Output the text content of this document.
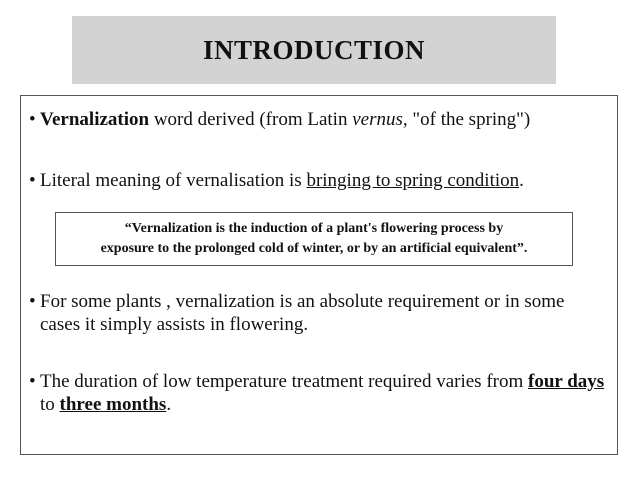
INTRODUCTION
• Vernalization word derived (from Latin vernus, "of the spring")
• Literal meaning of vernalisation is bringing to spring condition.
“Vernalization is the induction of a plant's flowering process by
exposure to the prolonged cold of winter, or by an artificial equivalent”.
• For some plants , vernalization is an absolute requirement or in some cases it simply assists in flowering.
• The duration of low temperature treatment required varies from four days to three months.
